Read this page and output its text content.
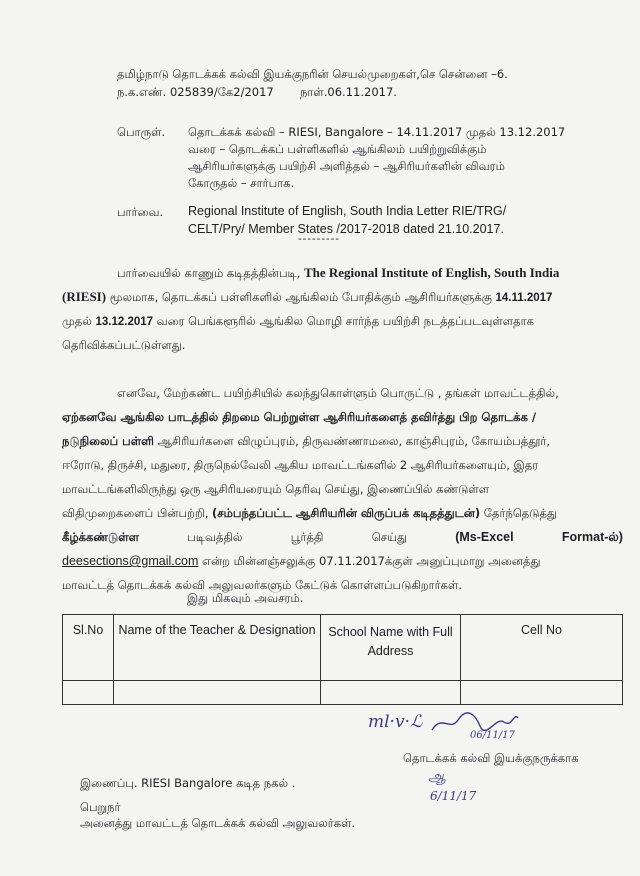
தமிழ்நாடு தொடக்கக் கல்வி இயக்குநரின் செயல்முறைகள்,செ சென்னை –6.
ந.க.எண். 025839/கே2/2017 நாள்.06.11.2017.
பொருள். தொடக்கக் கல்வி – RIESI, Bangalore – 14.11.2017 முதல் 13.12.2017
வரை – தொடக்கப் பள்ளிகளில் ஆங்கிலம் பயிற்றுவிக்கும்
ஆசிரியர்களுக்கு பயிற்சி அளித்தல் – ஆசிரியர்களின் விவரம்
கோருதல் – சார்பாக.
பார்வை. Regional Institute of English, South India Letter RIE/TRG/
CELT/Pry/ Member States /2017-2018 dated 21.10.2017.
---------
பார்வையில் காணும் கடிதத்தின்படி, The Regional Institute of English, South India
(RIESI) மூலமாக, தொடக்கப் பள்ளிகளில் ஆங்கிலம் போதிக்கும் ஆசிரியர்களுக்கு 14.11.2017
முதல் 13.12.2017 வரை பெங்களூரில் ஆங்கில மொழி சார்ந்த பயிற்சி நடத்தப்படவுள்ளதாக
தெரிவிக்கப்பட்டுள்ளது.
எனவே, மேற்கண்ட பயிற்சியில் கலந்துகொள்ளும் பொருட்டு , தங்கள் மாவட்டத்தில்,
ஏற்கனவே ஆங்கில பாடத்தில் திறமை பெற்றுள்ள ஆசிரியர்களைத் தவிர்த்து பிற தொடக்க /
நடுநிலைப் பள்ளி ஆசிரியர்களை விழுப்புரம், திருவண்ணாமலை, காஞ்சிபுரம், கோயம்பத்தூர்,
ஈரோடு, திருச்சி, மதுரை, திருநெல்வேலி ஆகிய மாவட்டங்களில் 2 ஆசிரியர்களையும், இதர
மாவட்டங்களிலிருந்து ஒரு ஆசிரியரையும் தெரிவு செய்து, இணைப்பில் கண்டுள்ள
விதிமுறைகளைப் பின்பற்றி, (சம்பந்தப்பட்ட ஆசிரியரின் விருப்பக் கடிதத்துடன்) தேர்ந்தெடுத்து
கீழ்க்கண்டுள்ள	படிவத்தில்	பூர்த்தி	செய்து	(Ms-Excel	Format-ல்)
deesections@gmail.com என்ற மின்னஞ்சலுக்கு 07.11.2017க்குள் அனுப்புமாறு அனைத்து
மாவட்டத் தொடக்கக் கல்வி அலுவலர்களும் கேட்டுக் கொள்ளப்படுகிறார்கள்.
இது மிகவும் அவசரம்.
Sl.No	Name of the Teacher & Designation	School Name with Full Address	Cell No

ml·v·ℒ
06/11/17
தொடக்கக் கல்வி இயக்குநருக்காக
ஆ
6/11/17
இணைப்பு. RIESI Bangalore கடித நகல் .
பெறுநர்
அனைத்து மாவட்டத் தொடக்கக் கல்வி அலுவலர்கள்.
